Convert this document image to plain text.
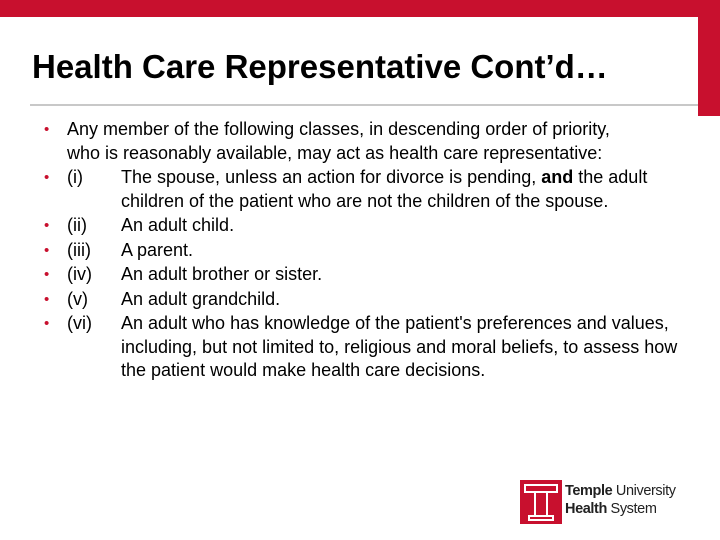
Health Care Representative Cont’d…
• Any member of the following classes, in descending order of priority, who is reasonably available, may act as health care representative:
• (i)	The spouse, unless an action for divorce is pending, and the adult children of the patient who are not the children of the spouse.
• (ii)	An adult child.
• (iii)	A parent.
• (iv)	An adult brother or sister.
• (v)	An adult grandchild.
• (vi)	An adult who has knowledge of the patient's preferences and values, including, but not limited to, religious and moral beliefs, to assess how the patient would make health care decisions.
Temple University
Health System
